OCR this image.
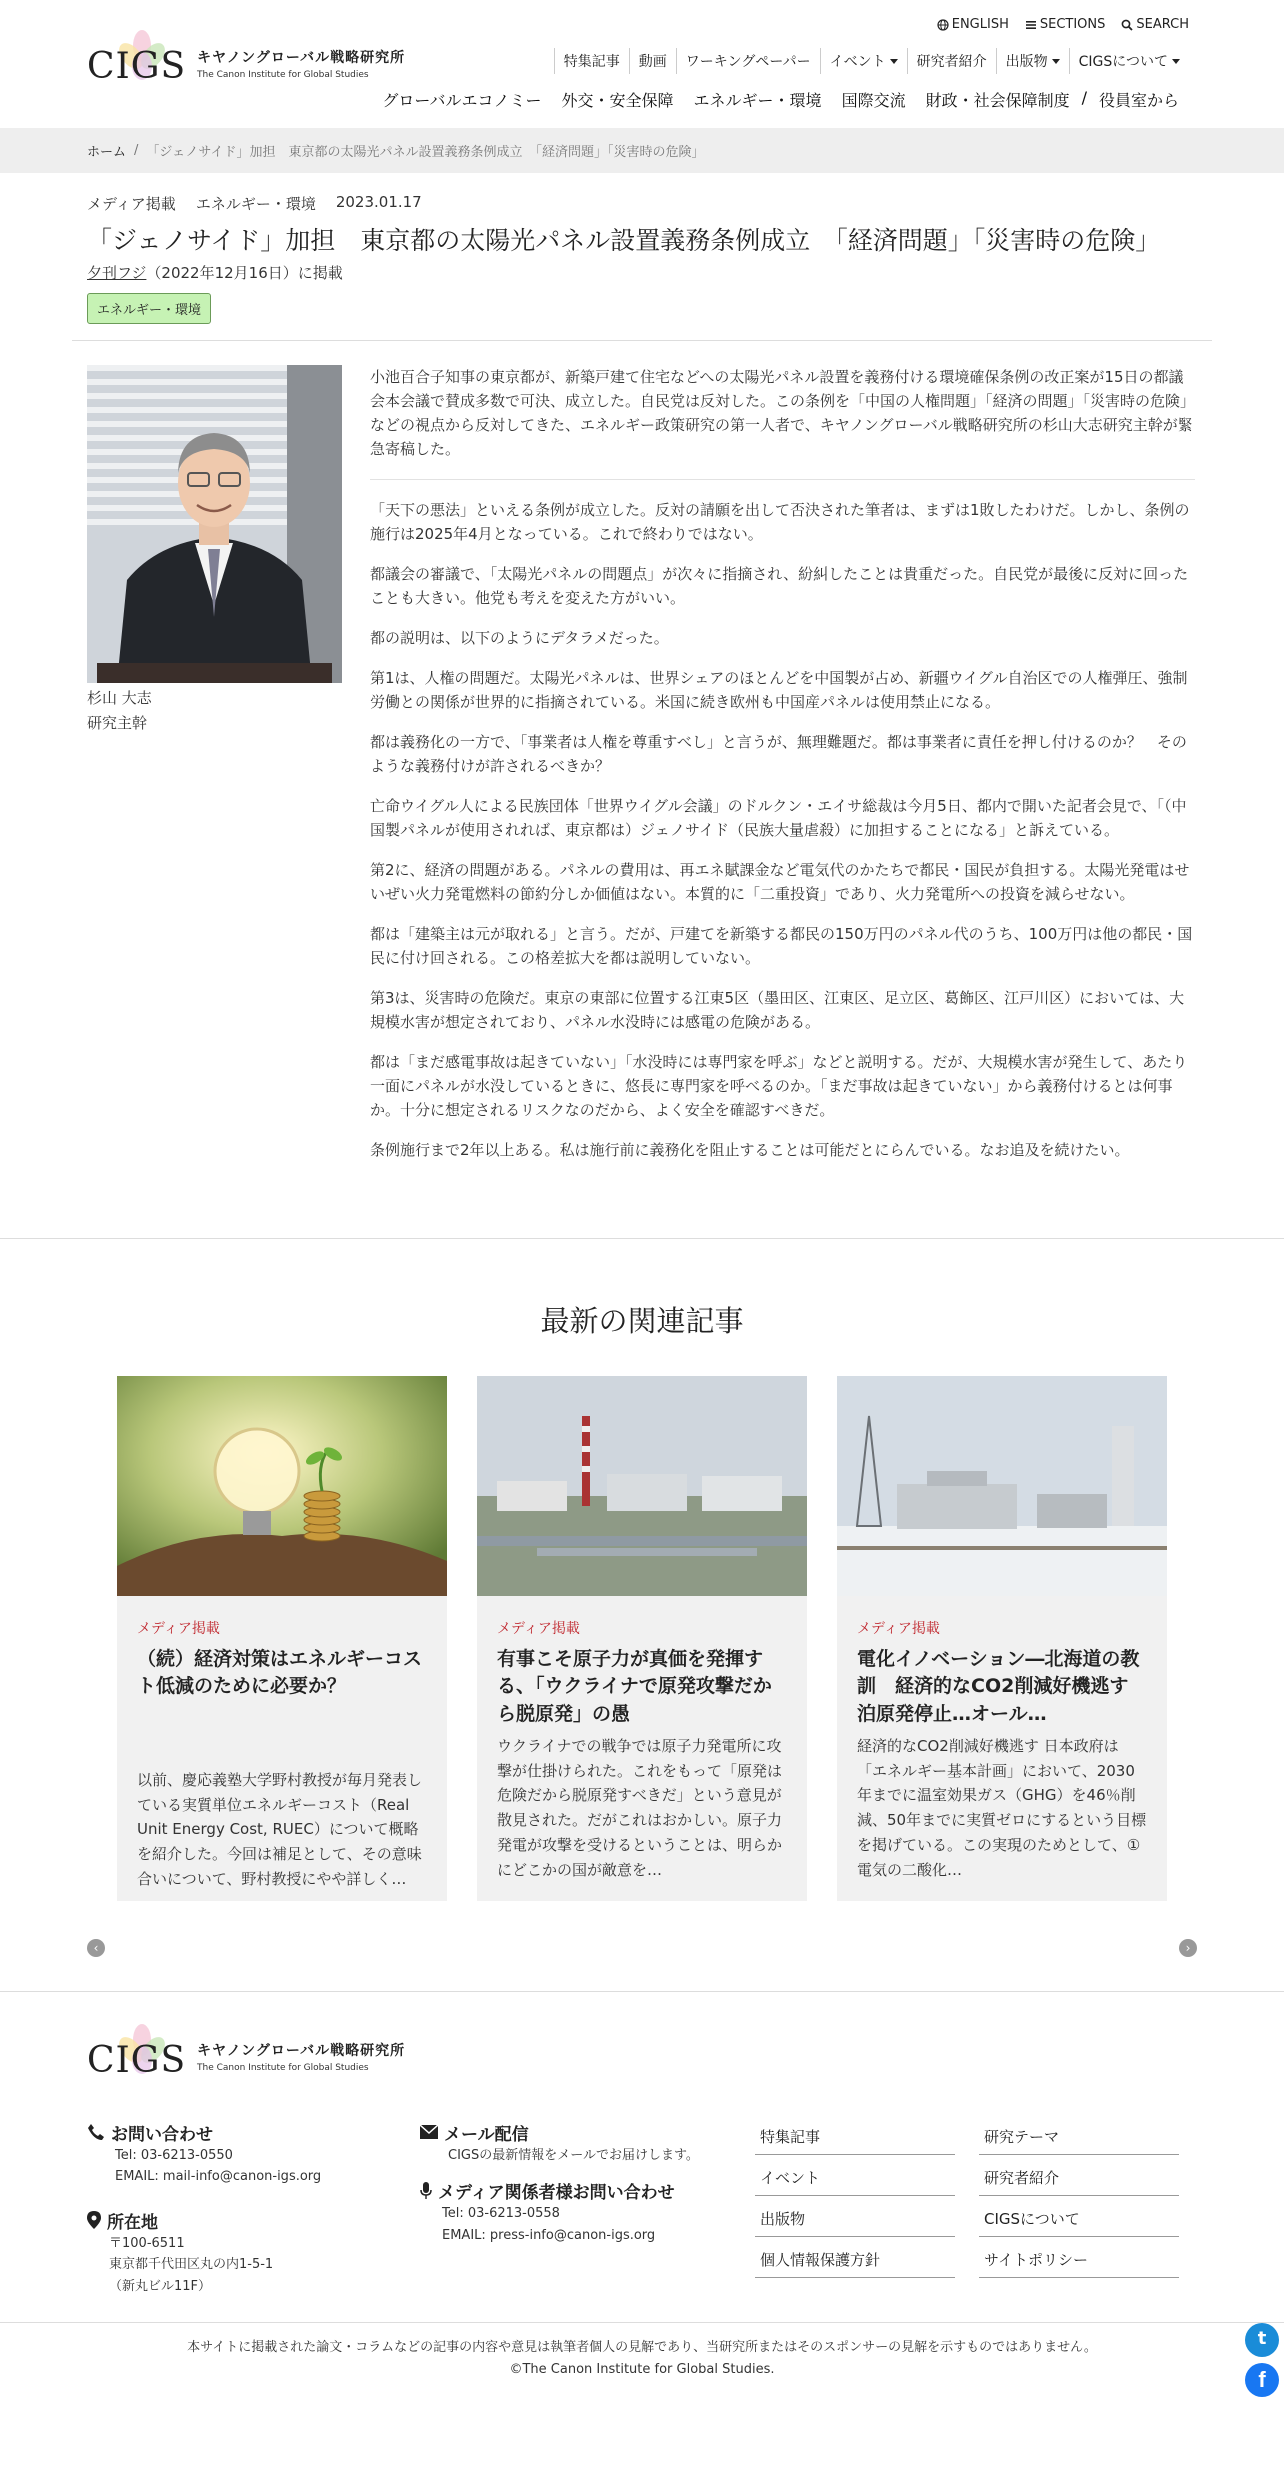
CIGS キヤノングローバル戦略研究所
The Canon Institute for Global Studies
ENGLISH SECTIONS SEARCH
特集記事 動画 ワーキングペーパー イベント 研究者紹介 出版物 CIGSについて
グローバルエコノミー	外交・安全保障	エネルギー・環境	国際交流	財政・社会保障制度 / 役員室から
ホーム / 「ジェノサイド」加担　東京都の太陽光パネル設置義務条例成立　「経済問題」「災害時の危険」
メディア掲載 エネルギー・環境 2023.01.17
「ジェノサイド」加担　東京都の太陽光パネル設置義務条例成立　「経済問題」「災害時の危険」
夕刊フジ（2022年12月16日）に掲載
エネルギー・環境
杉山 大志
研究主幹

小池百合子知事の東京都が、新築戸建て住宅などへの太陽光パネル設置を義務付ける環境確保条例の改正案が15日の都議会本会議で賛成多数で可決、成立した。自民党は反対した。この条例を「中国の人権問題」「経済の問題」「災害時の危険」などの視点から反対してきた、エネルギー政策研究の第一人者で、キヤノングローバル戦略研究所の杉山大志研究主幹が緊急寄稿した。

「天下の悪法」といえる条例が成立した。反対の請願を出して否決された筆者は、まずは1敗したわけだ。しかし、条例の施行は2025年4月となっている。これで終わりではない。

都議会の審議で、「太陽光パネルの問題点」が次々に指摘され、紛糾したことは貴重だった。自民党が最後に反対に回ったことも大きい。他党も考えを変えた方がいい。

都の説明は、以下のようにデタラメだった。

第1は、人権の問題だ。太陽光パネルは、世界シェアのほとんどを中国製が占め、新疆ウイグル自治区での人権弾圧、強制労働との関係が世界的に指摘されている。米国に続き欧州も中国産パネルは使用禁止になる。

都は義務化の一方で、「事業者は人権を尊重すべし」と言うが、無理難題だ。都は事業者に責任を押し付けるのか？　そのような義務付けが許されるべきか？

亡命ウイグル人による民族団体「世界ウイグル会議」のドルクン・エイサ総裁は今月5日、都内で開いた記者会見で、「（中国製パネルが使用されれば、東京都は）ジェノサイド（民族大量虐殺）に加担することになる」と訴えている。

第2に、経済の問題がある。パネルの費用は、再エネ賦課金など電気代のかたちで都民・国民が負担する。太陽光発電はせいぜい火力発電燃料の節約分しか価値はない。本質的に「二重投資」であり、火力発電所への投資を減らせない。

都は「建築主は元が取れる」と言う。だが、戸建てを新築する都民の150万円のパネル代のうち、100万円は他の都民・国民に付け回される。この格差拡大を都は説明していない。

第3は、災害時の危険だ。東京の東部に位置する江東5区（墨田区、江東区、足立区、葛飾区、江戸川区）においては、大規模水害が想定されており、パネル水没時には感電の危険がある。

都は「まだ感電事故は起きていない」「水没時には専門家を呼ぶ」などと説明する。だが、大規模水害が発生して、あたり一面にパネルが水没しているときに、悠長に専門家を呼べるのか。「まだ事故は起きていない」から義務付けるとは何事か。十分に想定されるリスクなのだから、よく安全を確認すべきだ。

条例施行まで2年以上ある。私は施行前に義務化を阻止することは可能だとにらんでいる。なお追及を続けたい。

最新の関連記事
‹	›
メディア掲載
（続）経済対策はエネルギーコスト低減のために必要か？
以前、慶応義塾大学野村教授が毎月発表している実質単位エネルギーコスト（Real Unit Energy Cost, RUEC）について概略を紹介した。今回は補足として、その意味合いについて、野村教授にやや詳しく…
メディア掲載
有事こそ原子力が真価を発揮する、「ウクライナで原発攻撃だから脱原発」の愚
ウクライナでの戦争では原子力発電所に攻撃が仕掛けられた。これをもって「原発は危険だから脱原発すべきだ」という意見が散見された。だがこれはおかしい。原子力発電が攻撃を受けるということは、明らかにどこかの国が敵意を…
メディア掲載
電化イノベーション―北海道の教訓　経済的なCO2削減好機逃す泊原発停止…オール…
経済的なCO2削減好機逃す 日本政府は「エネルギー基本計画」において、2030年までに温室効果ガス（GHG）を46％削減、50年までに実質ゼロにするという目標を掲げている。この実現のためとして、①電気の二酸化…
CIGS キヤノングローバル戦略研究所
The Canon Institute for Global Studies
お問い合わせ
Tel: 03-6213-0550
EMAIL: mail-info@canon-igs.org
所在地
〒100-6511
東京都千代田区丸の内1-5-1
（新丸ビル11F）
メール配信
CIGSの最新情報をメールでお届けします。
メディア関係者様お問い合わせ
Tel: 03-6213-0558
EMAIL: press-info@canon-igs.org
特集記事	研究テーマ
イベント	研究者紹介
出版物	CIGSについて
個人情報保護方針	サイトポリシー
本サイトに掲載された論文・コラムなどの記事の内容や意見は執筆者個人の見解であり、当研究所またはそのスポンサーの見解を示すものではありません。
©The Canon Institute for Global Studies.
t
f
